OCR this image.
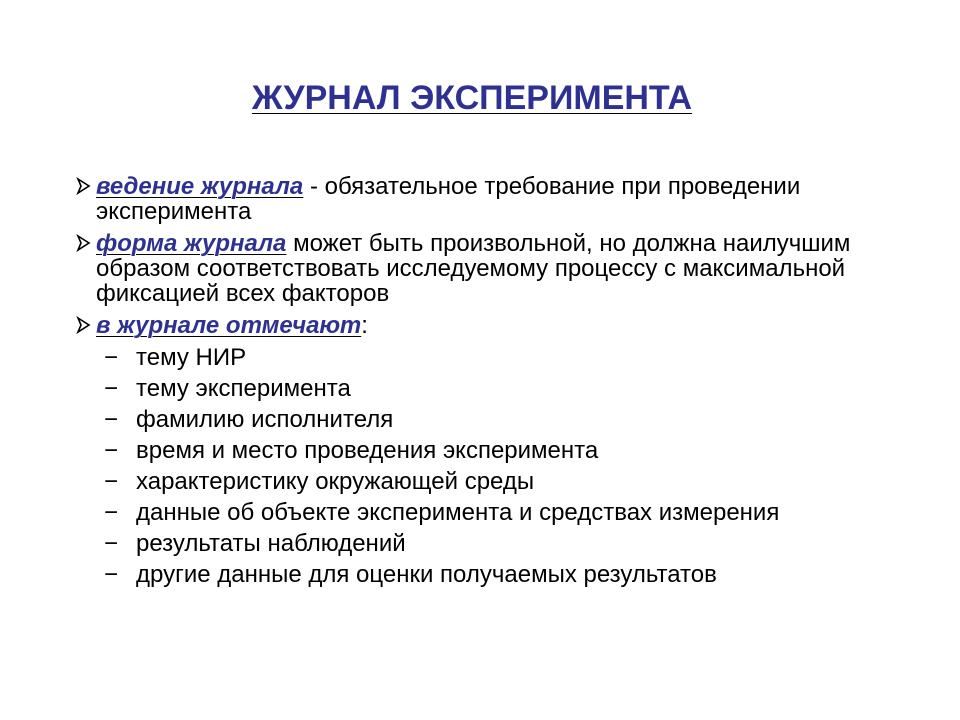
ЖУРНАЛ ЭКСПЕРИМЕНТА
ведение журнала - обязательное требование при проведении эксперимента
форма журнала может быть произвольной, но должна наилучшим образом соответствовать исследуемому процессу с максимальной фиксацией всех факторов
в журнале отмечают:
− тему НИР
− тему эксперимента
− фамилию исполнителя
− время и место проведения эксперимента
− характеристику окружающей среды
− данные об объекте эксперимента и средствах измерения
− результаты наблюдений
− другие данные для оценки получаемых результатов
